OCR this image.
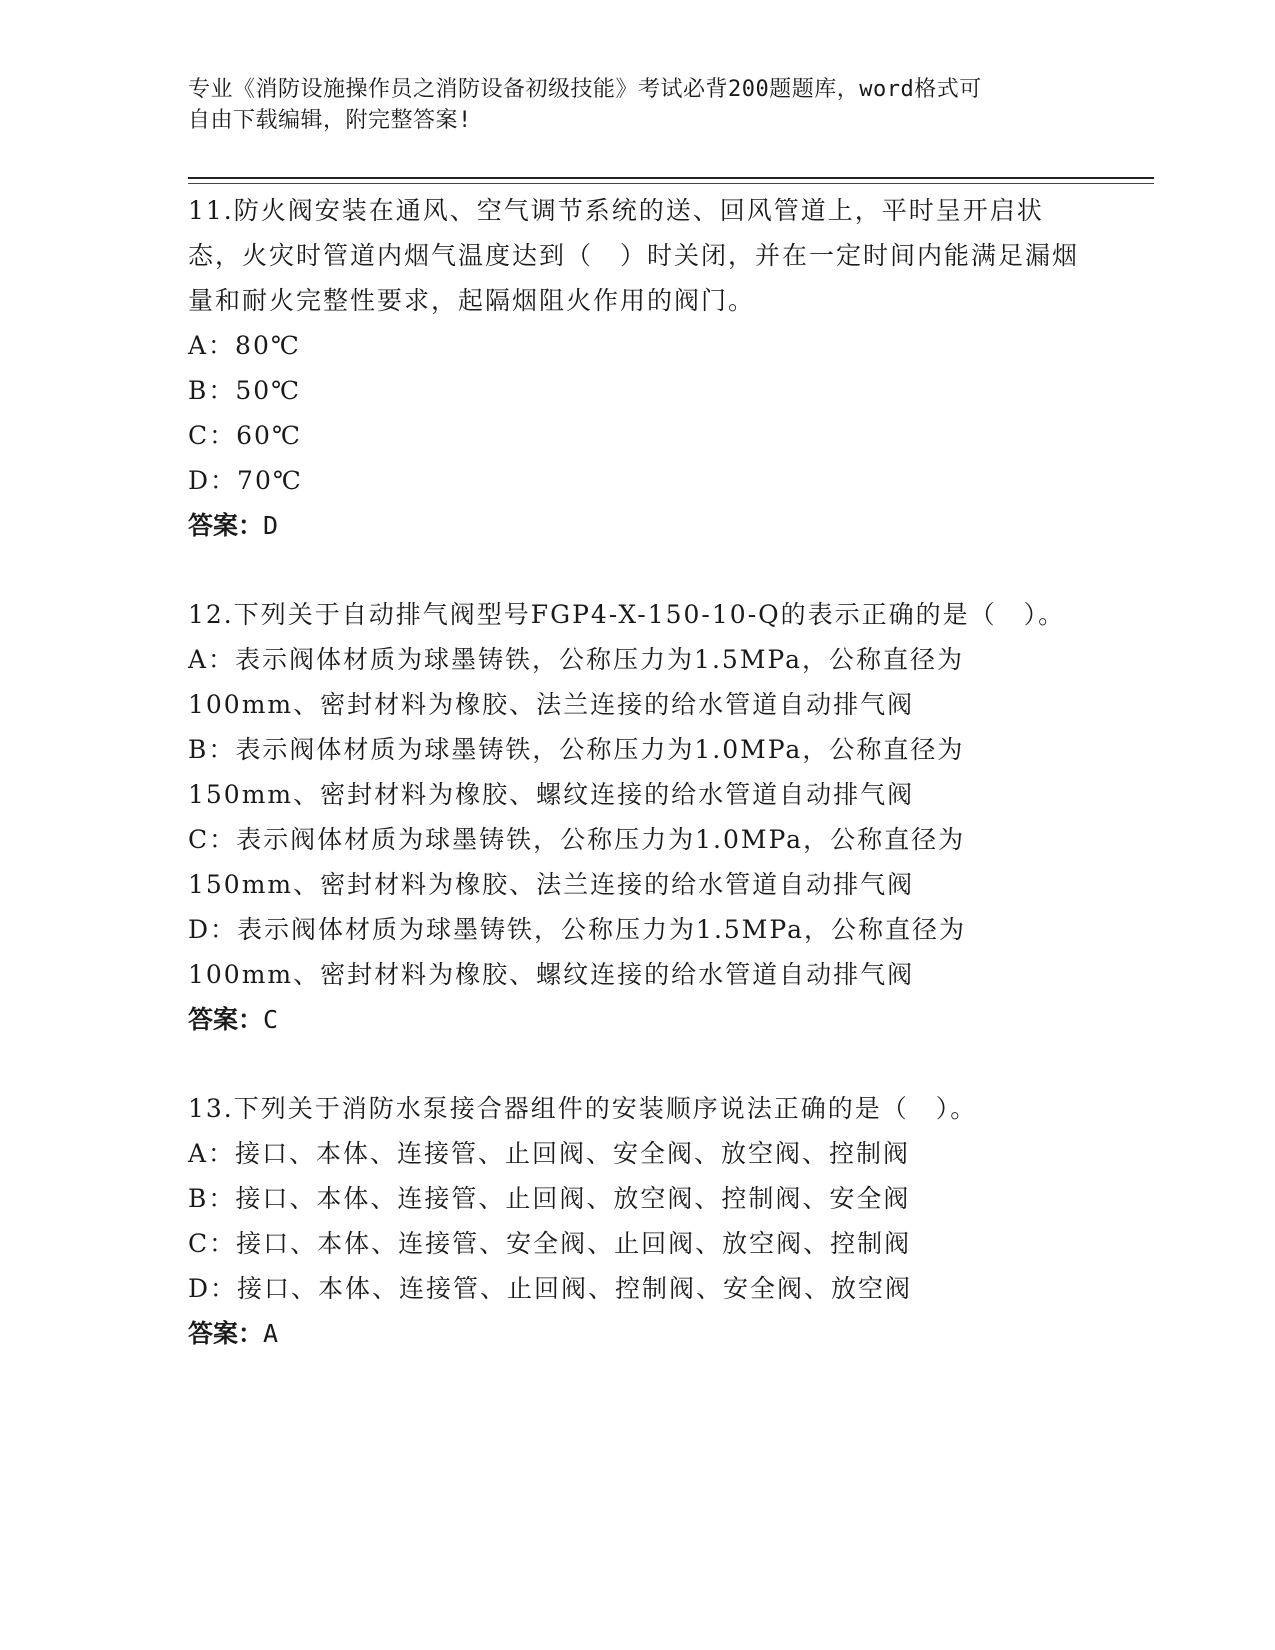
专业《消防设施操作员之消防设备初级技能》考试必背200题题库，word格式可
自由下载编辑，附完整答案!

11.防火阀安装在通风、空气调节系统的送、回风管道上，平时呈开启状态，火灾时管道内烟气温度达到（　）时关闭，并在一定时间内能满足漏烟量和耐火完整性要求，起隔烟阻火作用的阀门。

A：80℃

B：50℃

C：60℃

D：70℃

答案：D

12.下列关于自动排气阀型号FGP4-X-150-10-Q的表示正确的是（　）。

A：表示阀体材质为球墨铸铁，公称压力为1.5MPa，公称直径为100mm、密封材料为橡胶、法兰连接的给水管道自动排气阀

B：表示阀体材质为球墨铸铁，公称压力为1.0MPa，公称直径为150mm、密封材料为橡胶、螺纹连接的给水管道自动排气阀

C：表示阀体材质为球墨铸铁，公称压力为1.0MPa，公称直径为150mm、密封材料为橡胶、法兰连接的给水管道自动排气阀

D：表示阀体材质为球墨铸铁，公称压力为1.5MPa，公称直径为100mm、密封材料为橡胶、螺纹连接的给水管道自动排气阀

答案：C

13.下列关于消防水泵接合器组件的安装顺序说法正确的是（　）。

A：接口、本体、连接管、止回阀、安全阀、放空阀、控制阀

B：接口、本体、连接管、止回阀、放空阀、控制阀、安全阀

C：接口、本体、连接管、安全阀、止回阀、放空阀、控制阀

D：接口、本体、连接管、止回阀、控制阀、安全阀、放空阀

答案：A
